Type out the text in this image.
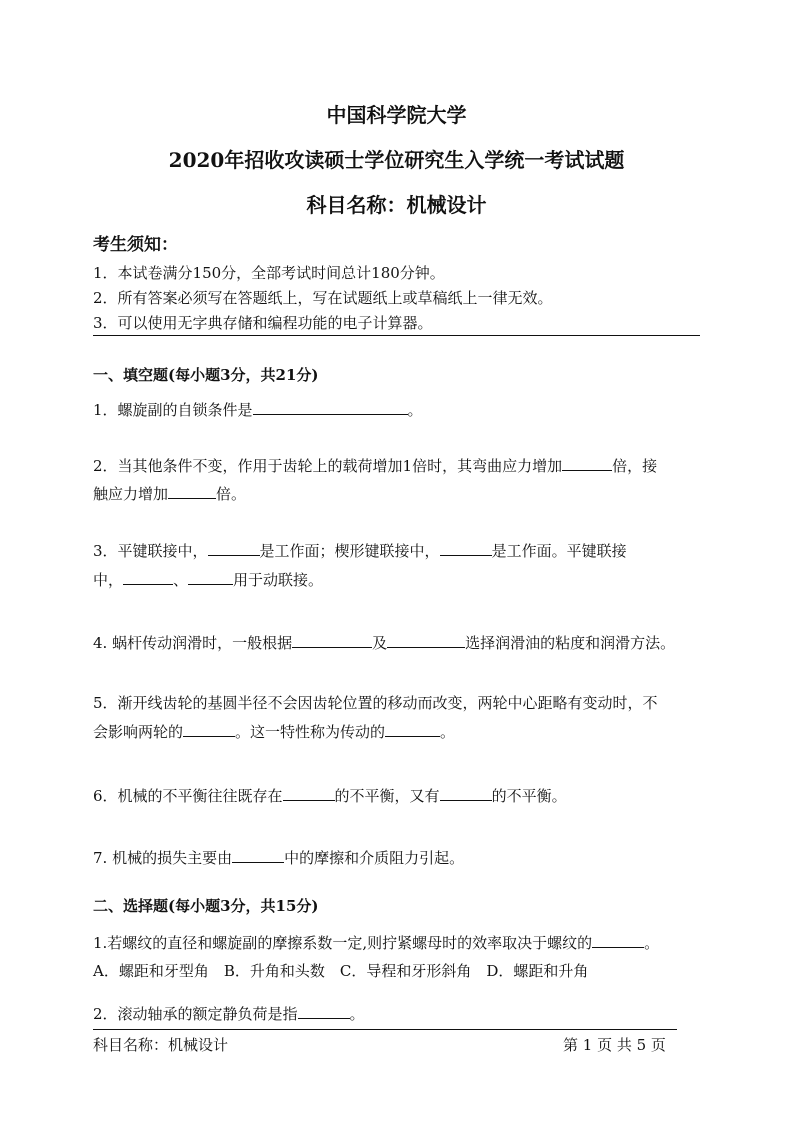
中国科学院大学
2020年招收攻读硕士学位研究生入学统一考试试题
科目名称：机械设计
考生须知：
1．本试卷满分150分，全部考试时间总计180分钟。
2．所有答案必须写在答题纸上，写在试题纸上或草稿纸上一律无效。
3．可以使用无字典存储和编程功能的电子计算器。
一、填空题(每小题3分，共21分)
1．螺旋副的自锁条件是	。
2．当其他条件不变，作用于齿轮上的载荷增加1倍时，其弯曲应力增加	倍，接
触应力增加	倍。
3．平键联接中，	是工作面；楔形键联接中，	是工作面。平键联接
中，	、	用于动联接。
4. 蜗杆传动润滑时，一般根据	及	选择润滑油的粘度和润滑方法。
5．渐开线齿轮的基圆半径不会因齿轮位置的移动而改变，两轮中心距略有变动时，不
会影响两轮的	。这一特性称为传动的	。
6．机械的不平衡往往既存在	的不平衡，又有	的不平衡。
7. 机械的损失主要由	中的摩擦和介质阻力引起。
二、选择题(每小题3分，共15分)
1.若螺纹的直径和螺旋副的摩擦系数一定,则拧紧螺母时的效率取决于螺纹的	。
A．螺距和牙型角　B．升角和头数　C．导程和牙形斜角　D．螺距和升角
2．滚动轴承的额定静负荷是指	。
科目名称：机械设计	第 1 页 共 5 页
